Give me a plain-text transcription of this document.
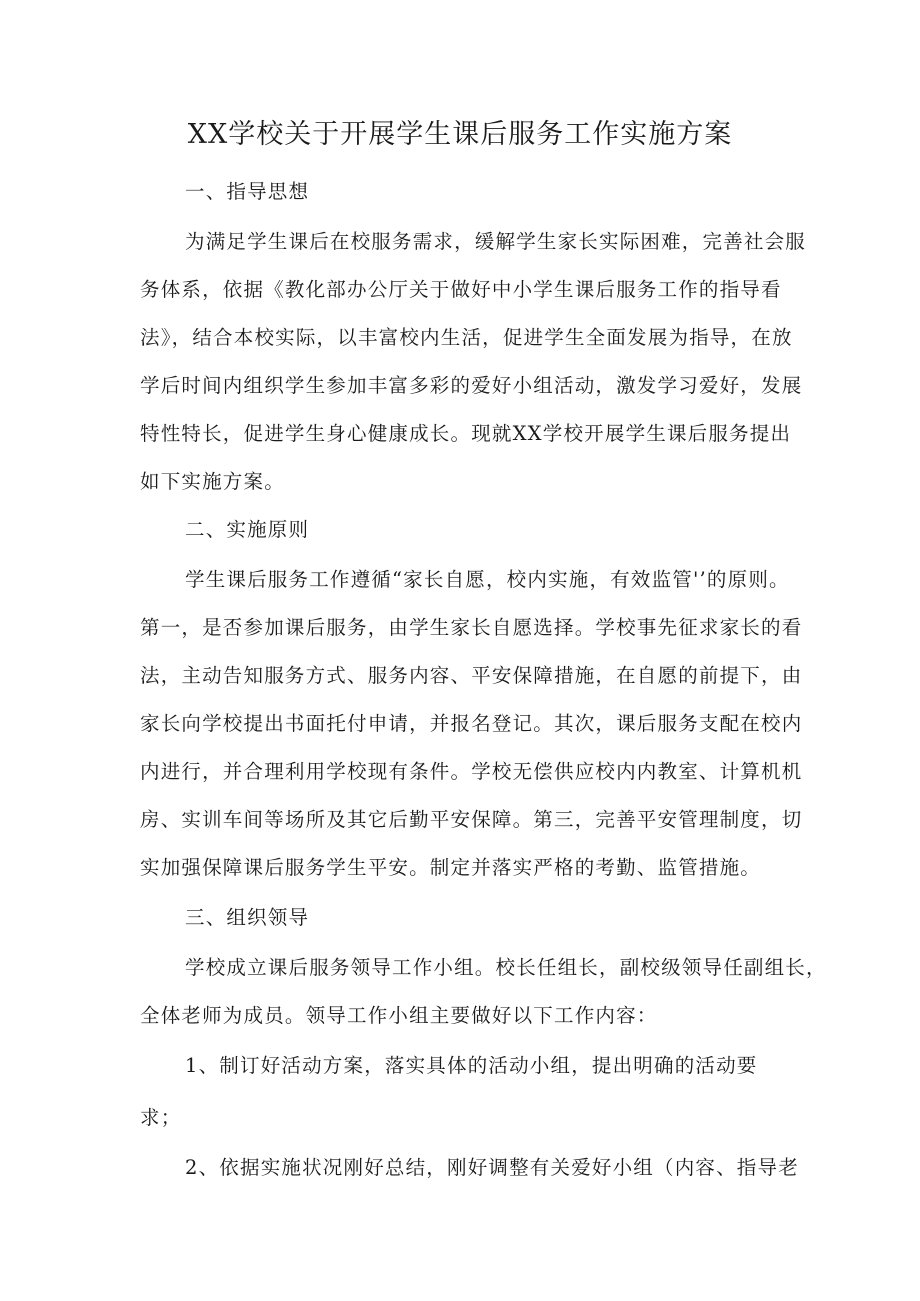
XX学校关于开展学生课后服务工作实施方案
一、指导思想
为满足学生课后在校服务需求，缓解学生家长实际困难，完善社会服
务体系，依据《教化部办公厅关于做好中小学生课后服务工作的指导看
法》，结合本校实际，以丰富校内生活，促进学生全面发展为指导，在放
学后时间内组织学生参加丰富多彩的爱好小组活动，激发学习爱好，发展
特性特长，促进学生身心健康成长。现就XX学校开展学生课后服务提出
如下实施方案。
二、实施原则
学生课后服务工作遵循“家长自愿，校内实施，有效监管'’的原则。
第一，是否参加课后服务，由学生家长自愿选择。学校事先征求家长的看
法，主动告知服务方式、服务内容、平安保障措施，在自愿的前提下，由
家长向学校提出书面托付申请，并报名登记。其次，课后服务支配在校内
内进行，并合理利用学校现有条件。学校无偿供应校内内教室、计算机机
房、实训车间等场所及其它后勤平安保障。第三，完善平安管理制度，切
实加强保障课后服务学生平安。制定并落实严格的考勤、监管措施。
三、组织领导
学校成立课后服务领导工作小组。校长任组长，副校级领导任副组长，
全体老师为成员。领导工作小组主要做好以下工作内容：
1、制订好活动方案，落实具体的活动小组，提出明确的活动要
求；
2、依据实施状况刚好总结，刚好调整有关爱好小组（内容、指导老
